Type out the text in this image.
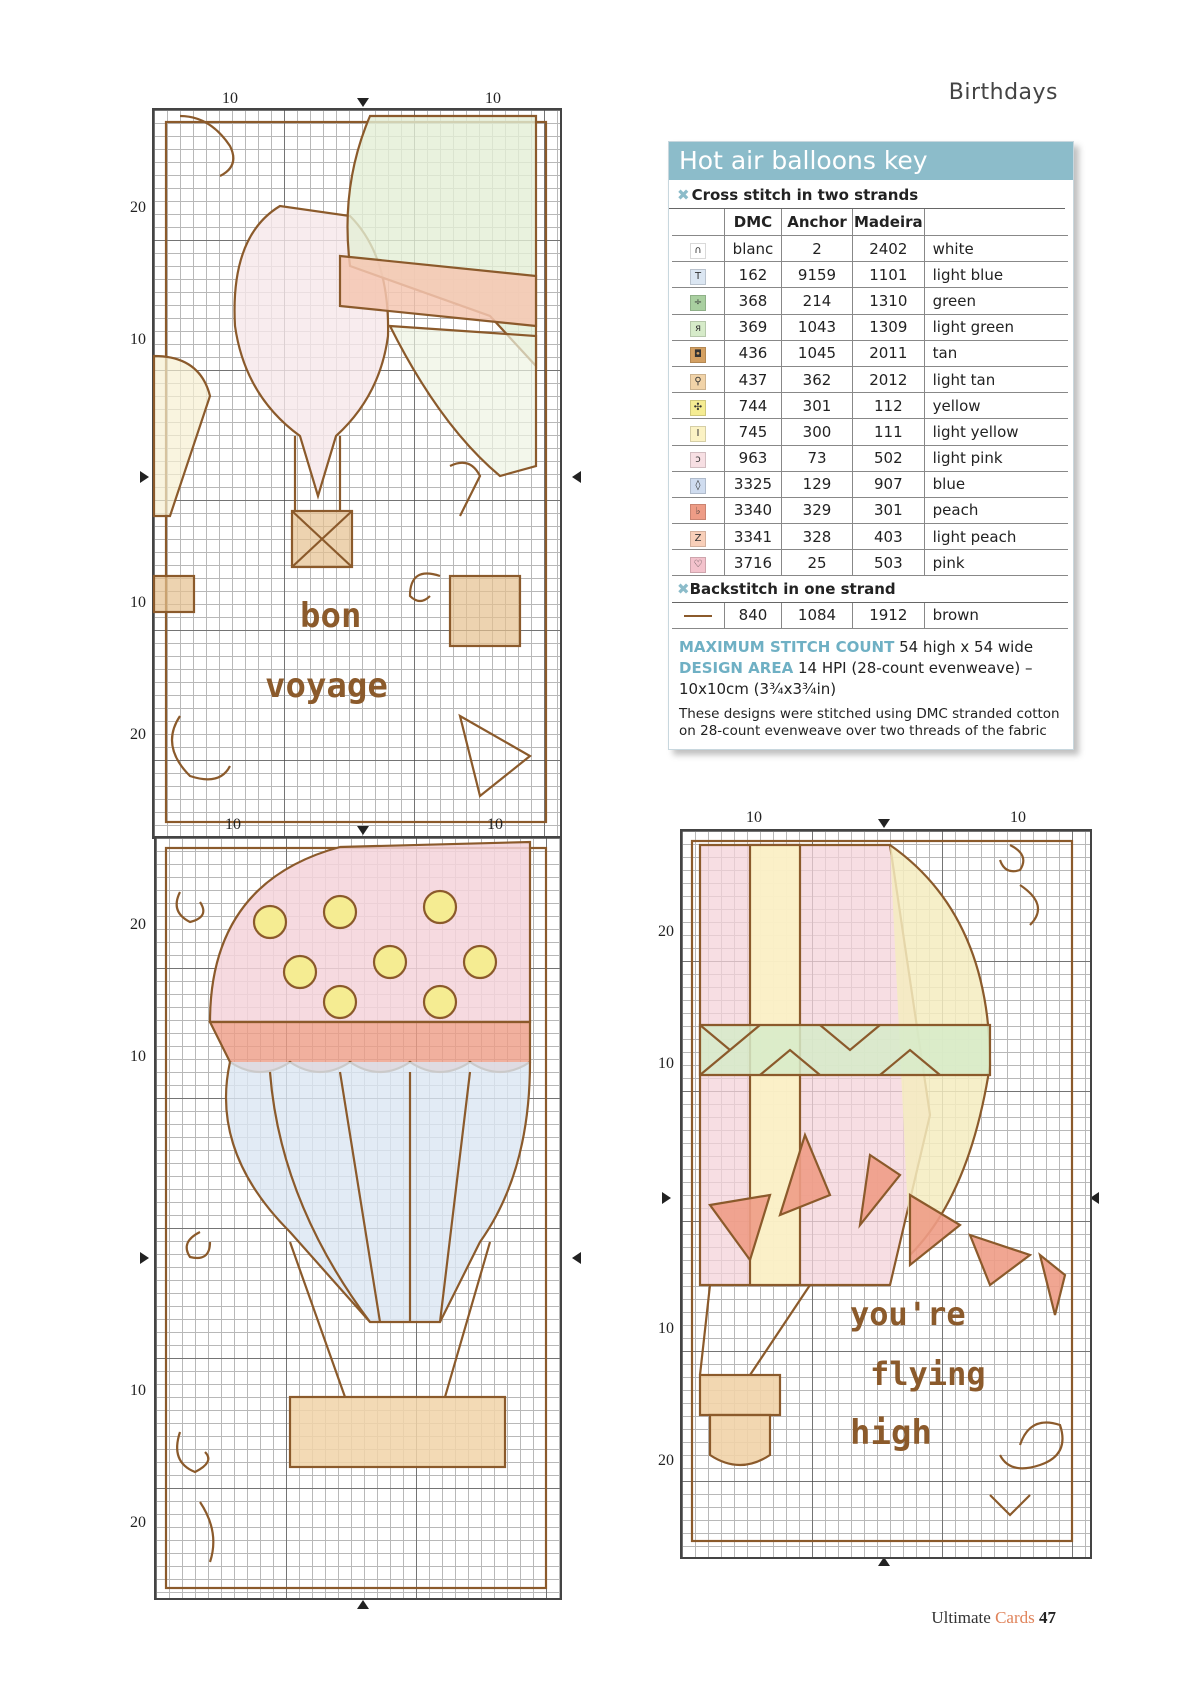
Birthdays
10	10
20
10
10
20
bon
voyage
10	10
20
10
10
20
10	10
20
10
10
20
you're
flying
high
Hot air balloons key
✖ Cross stitch in two strands
	DMC	Anchor	Madeira	
∩	blanc	2	2402	white
T	162	9159	1101	light blue
÷	368	214	1310	green
я	369	1043	1309	light green
◘	436	1045	2011	tan
⚲	437	362	2012	light tan
✣	744	301	112	yellow
I	745	300	111	light yellow
ↄ	963	73	502	light pink
◊	3325	129	907	blue
♭	3340	329	301	peach
Z	3341	328	403	light peach
♡	3716	25	503	pink
✖Backstitch in one strand				
	840	1084	1912	brown
MAXIMUM STITCH COUNT 54 high x 54 wide
DESIGN AREA 14 HPI (28-count evenweave) – 10x10cm (3¾x3¾in)
These designs were stitched using DMC stranded cotton on 28-count evenweave over two threads of the fabric
Ultimate Cards 47
